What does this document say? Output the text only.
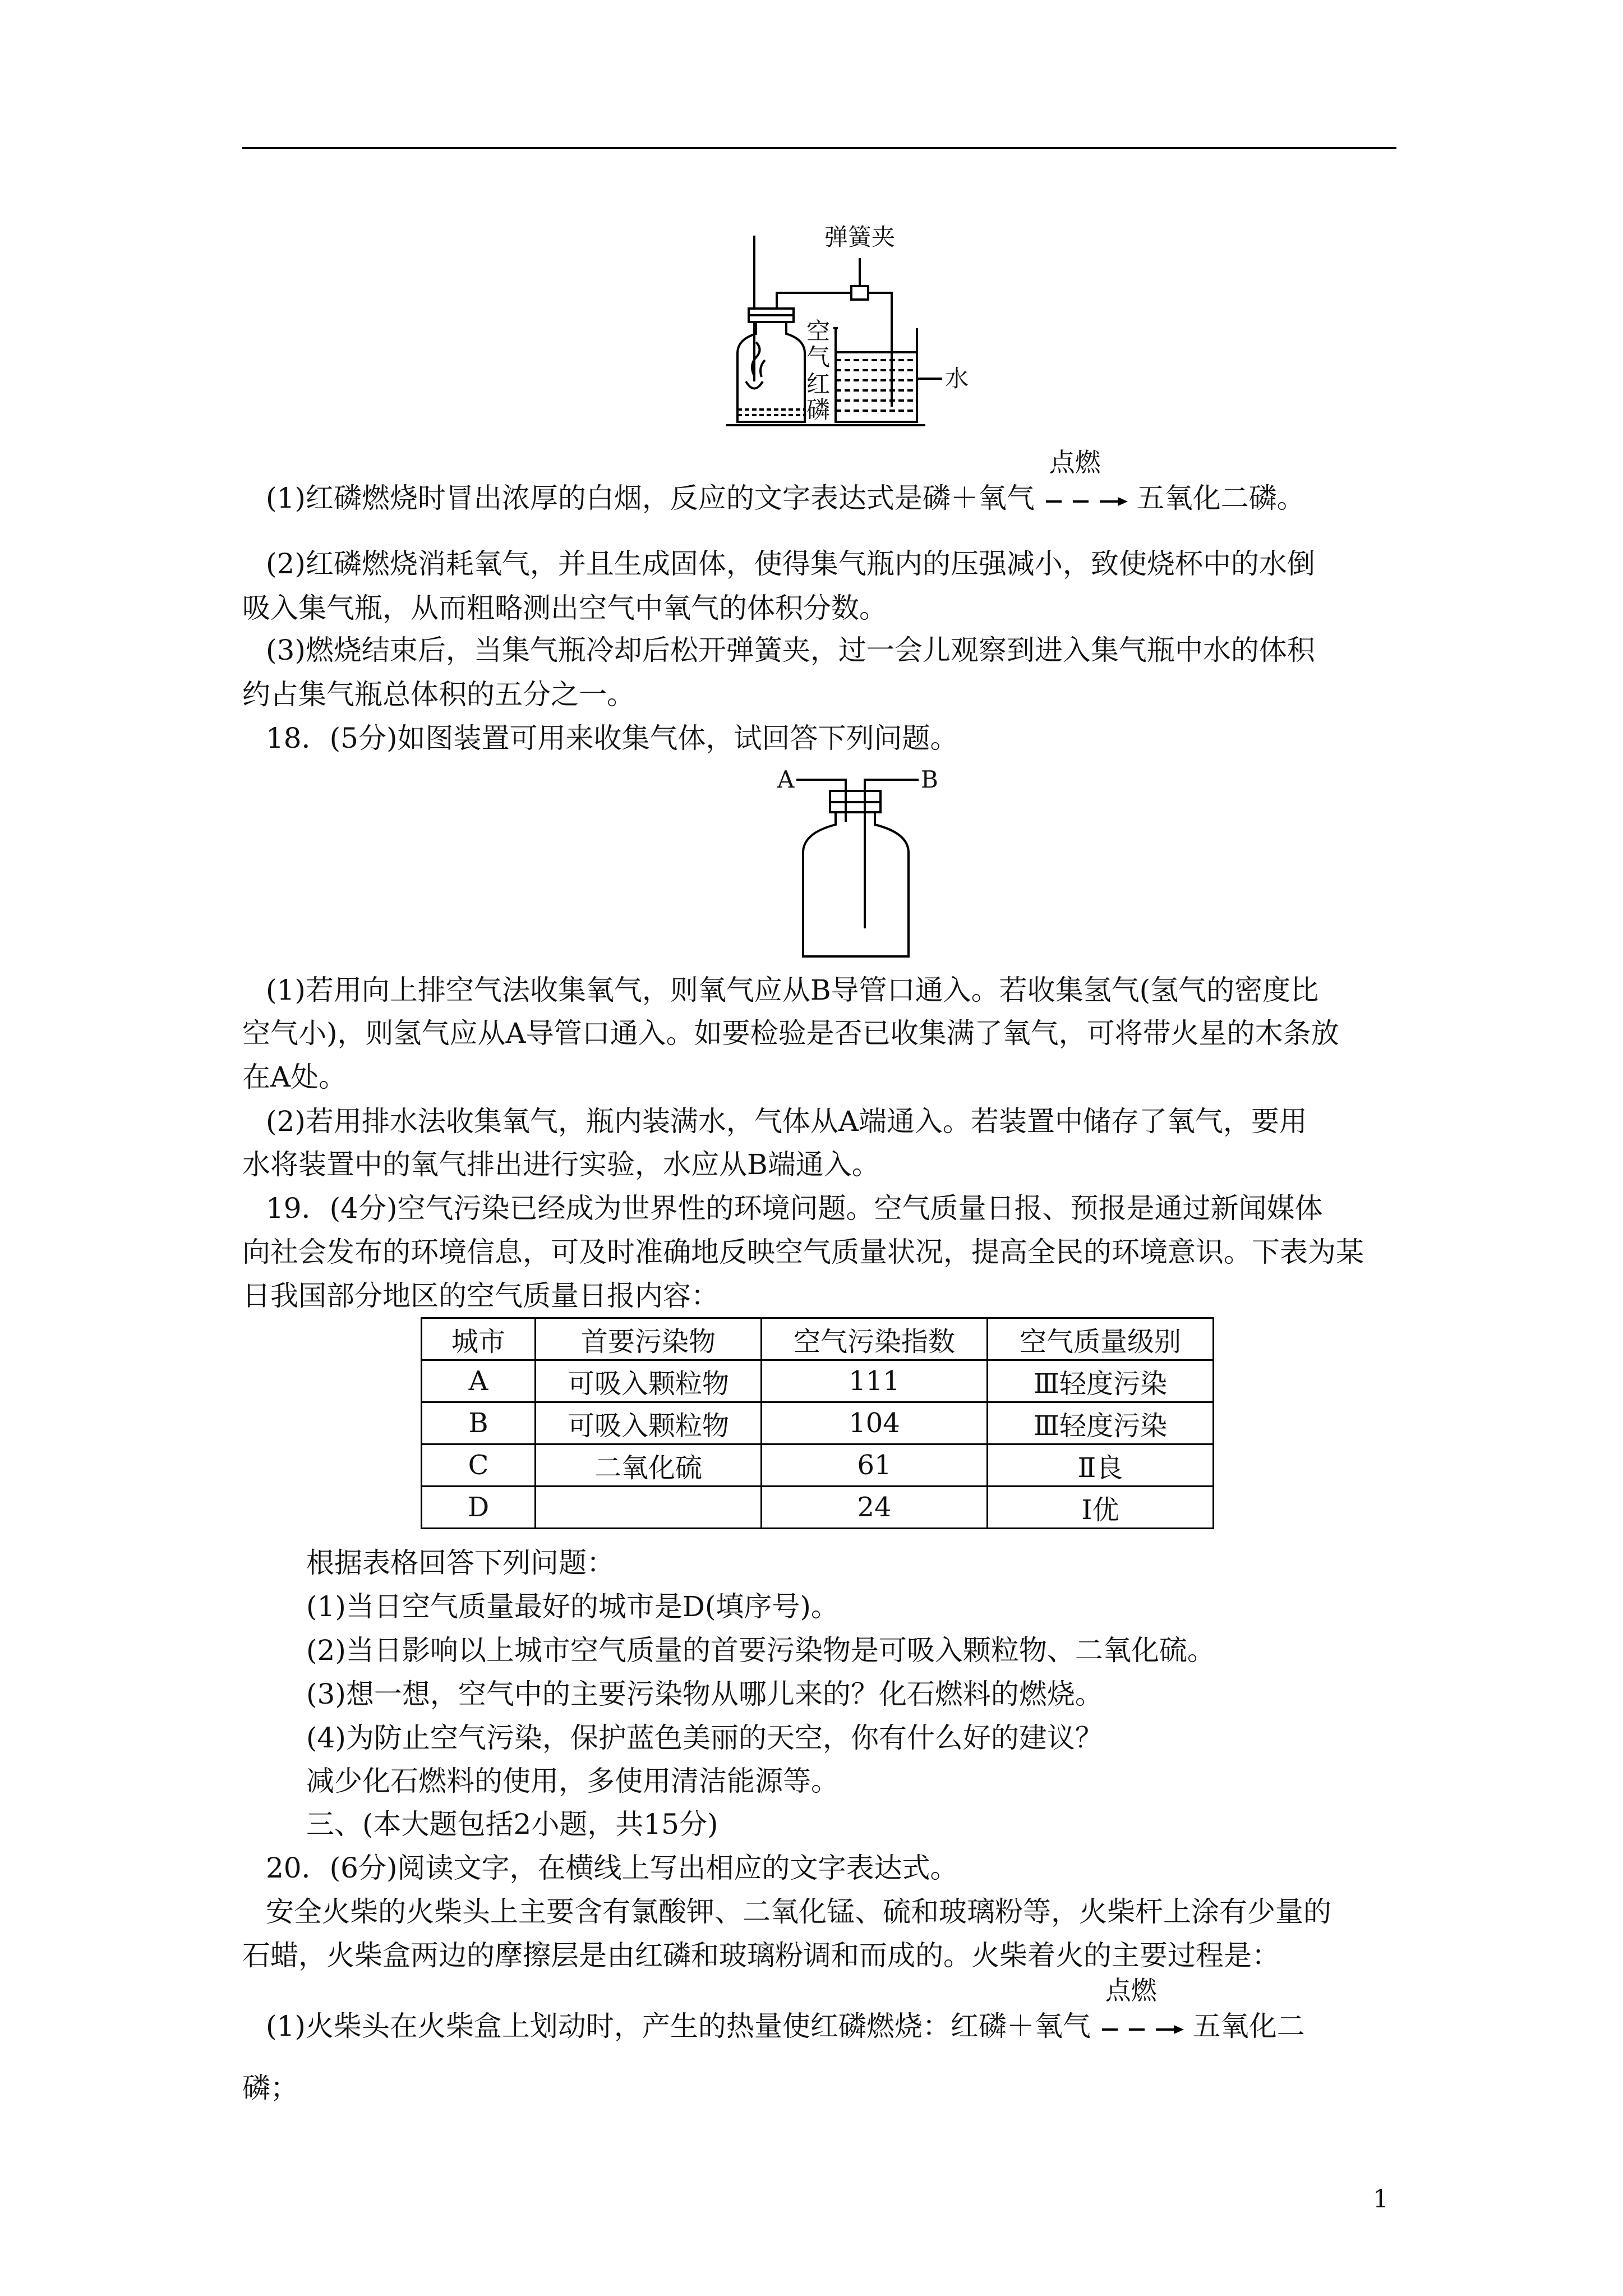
弹簧夹
空气
红磷
水
(1)红磷燃烧时冒出浓厚的白烟，反应的文字表达式是磷＋氧气
点燃
五氧化二磷。
(2)红磷燃烧消耗氧气，并且生成固体，使得集气瓶内的压强减小，致使烧杯中的水倒
吸入集气瓶，从而粗略测出空气中氧气的体积分数。
(3)燃烧结束后，当集气瓶冷却后松开弹簧夹，过一会儿观察到进入集气瓶中水的体积
约占集气瓶总体积的五分之一。
18．(5分)如图装置可用来收集气体，试回答下列问题。
A	B
(1)若用向上排空气法收集氧气，则氧气应从B导管口通入。若收集氢气(氢气的密度比
空气小)，则氢气应从A导管口通入。如要检验是否已收集满了氧气，可将带火星的木条放
在A处。
(2)若用排水法收集氧气，瓶内装满水，气体从A端通入。若装置中储存了氧气，要用
水将装置中的氧气排出进行实验，水应从B端通入。
19．(4分)空气污染已经成为世界性的环境问题。空气质量日报、预报是通过新闻媒体
向社会发布的环境信息，可及时准确地反映空气质量状况，提高全民的环境意识。下表为某
日我国部分地区的空气质量日报内容：
城市	首要污染物	空气污染指数	空气质量级别
A	可吸入颗粒物	111	Ⅲ轻度污染
B	可吸入颗粒物	104	Ⅲ轻度污染
C	二氧化硫	61	Ⅱ良
D		24	Ⅰ优
根据表格回答下列问题：
(1)当日空气质量最好的城市是D(填序号)。
(2)当日影响以上城市空气质量的首要污染物是可吸入颗粒物、二氧化硫。
(3)想一想，空气中的主要污染物从哪儿来的？化石燃料的燃烧。
(4)为防止空气污染，保护蓝色美丽的天空，你有什么好的建议？
减少化石燃料的使用，多使用清洁能源等。
三、(本大题包括2小题，共15分)
20．(6分)阅读文字，在横线上写出相应的文字表达式。
安全火柴的火柴头上主要含有氯酸钾、二氧化锰、硫和玻璃粉等，火柴杆上涂有少量的
石蜡，火柴盒两边的摩擦层是由红磷和玻璃粉调和而成的。火柴着火的主要过程是：
(1)火柴头在火柴盒上划动时，产生的热量使红磷燃烧：红磷＋氧气
点燃
五氧化二
磷；
1
